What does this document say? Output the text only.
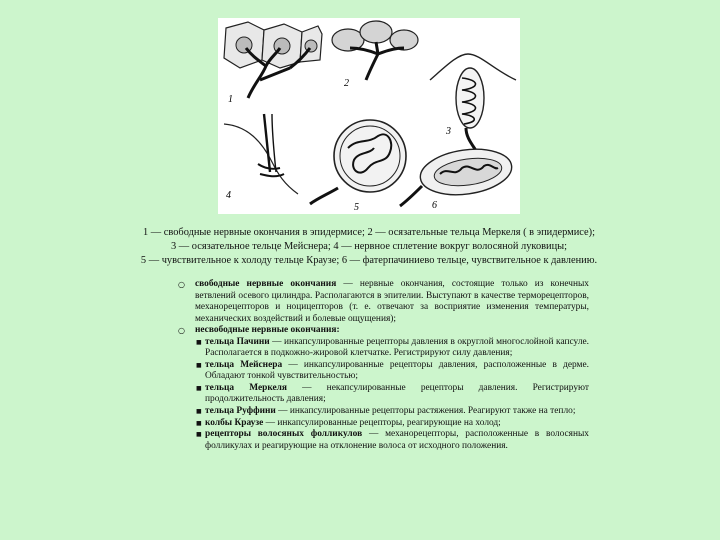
1
2
3
4
5	6
1 — свободные нервные окончания в эпидермисе; 2 — осязательные тельца Меркеля ( в эпидермисе);
3 — осязательное тельце Мейснера; 4 — нервное сплетение вокруг волосяной луковицы;
5 — чувствительное к холоду тельце Краузе; 6 — фатерпачиниево тельце, чувствительное к давлению.
○ свободные нервные окончания — нервные окончания, состоящие только из конечных ветвлений осевого цилиндра. Располагаются в эпителии. Выступают в качестве терморецепторов, механорецепторов и ноцицепторов (т. е. отвечают за восприятие изменения температуры, механических воздействий и болевые ощущения);
○ несвободные нервные окончания:
■ тельца Пачини — инкапсулированные рецепторы давления в округлой многослойной капсуле. Располагается в подкожно-жировой клетчатке. Регистрируют силу давления;
■ тельца Мейснера — инкапсулированные рецепторы давления, расположенные в дерме. Обладают тонкой чувствительностью;
■ тельца Меркеля — некапсулированные рецепторы давления. Регистрируют продолжительность давления;
■ тельца Руффини — инкапсулированные рецепторы растяжения. Реагируют также на тепло;
■ колбы Краузе — инкапсулированные рецепторы, реагирующие на холод;
■ рецепторы волосяных фолликулов — механорецепторы, расположенные в волосяных фолликулах и реагирующие на отклонение волоса от исходного положения.
